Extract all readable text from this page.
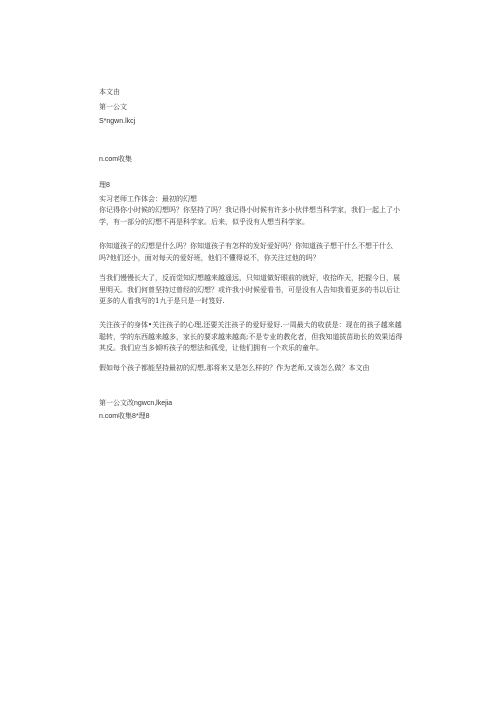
本文由
第一公文
S*ngwn.lkcj
n.com收集
理8
实习老师工作体会：最初的幻想

你记得你小时候的幻想吗？你坚持了吗？我记得小时候有许多小伙伴想当科学家，我们一起上了小学，有一部分的幻想不再是科学家。后来，似乎没有人想当科学家。

你知道孩子的幻想是什么吗？你知道孩子有怎样的发好爱好吗？你知道孩子想干什么不想干什么吗?他们还小，面对每天的爱好班，他们不懂得说不，你关注过他的吗？

当我们慢慢长大了，反而觉知幻想越来越遥远，只知道做好眼前的就好，收拾昨天，把握今日，展里明天。我们何曾坚持过曾经的幻想？或许我小时候爱看书，可是没有人告知我看更多的书以后让更多的人看我写的1九于是只是一时笈好.

关注孩子的身体•关注孩子的心理,还要关注孩子的爱好爱好.一周最大的收获是：现在的孩子越来越聪转，学的东西越来越多，家长的要求越来越高;不是专业的教化者，但我知道拔苗助长的效果适得其反。我们应当多倾听孩子的想法和孤受，让他们拥有一个欢乐的童年。

假如每个孩子都能坚持最初的幻想,那将来又是怎么样的？作为老师,又该怎么做？本文由

第一公文改ngwcn,lkejia
n.com收集8*理8
